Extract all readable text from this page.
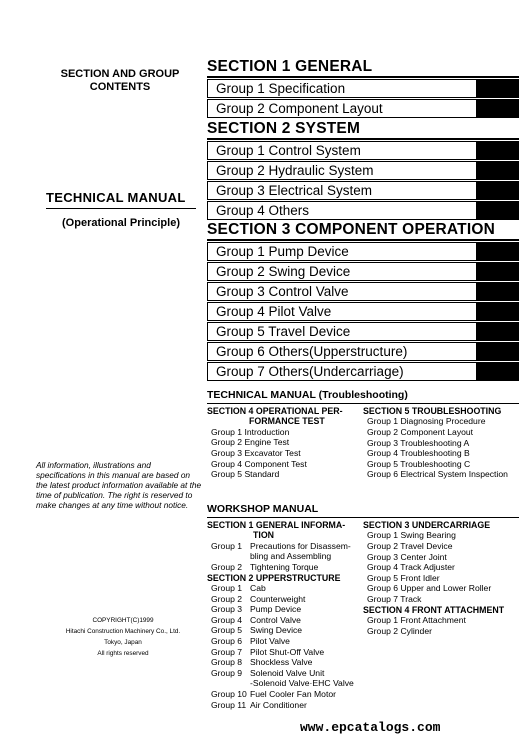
SECTION AND GROUP
CONTENTS
TECHNICAL MANUAL
(Operational Principle)
All information, illustrations and specifications in this manual are based on the latest product information available at the time of publication. The right is reserved to make changes at any time without notice.
COPYRIGHT(C)1999
Hitachi Construction Machinery Co., Ltd.
Tokyo, Japan
All rights reserved
SECTION 1 GENERAL
Group 1 Specification
Group 2 Component Layout
SECTION 2 SYSTEM
Group 1 Control System
Group 2 Hydraulic System
Group 3 Electrical System
Group 4 Others
SECTION 3 COMPONENT OPERATION
Group 1 Pump Device
Group 2 Swing Device
Group 3 Control Valve
Group 4 Pilot Valve
Group 5 Travel Device
Group 6 Others(Upperstructure)
Group 7 Others(Undercarriage)
TECHNICAL MANUAL (Troubleshooting)
SECTION 4 OPERATIONAL PER-
FORMANCE TEST
Group 1 Introduction
Group 2 Engine Test
Group 3 Excavator Test
Group 4 Component Test
Group 5 Standard
SECTION 5 TROUBLESHOOTING
Group 1 Diagnosing Procedure
Group 2 Component Layout
Group 3 Troubleshooting A
Group 4 Troubleshooting B
Group 5 Troubleshooting C
Group 6 Electrical System Inspection
WORKSHOP MANUAL
SECTION 1 GENERAL INFORMA-
TION
Group 1 Precautions for Disassem-
bling and Assembling
Group 2 Tightening Torque
SECTION 2 UPPERSTRUCTURE
Group 1 Cab
Group 2 Counterweight
Group 3 Pump Device
Group 4 Control Valve
Group 5 Swing Device
Group 6 Pilot Valve
Group 7 Pilot Shut-Off Valve
Group 8 Shockless Valve
Group 9 Solenoid Valve Unit
-Solenoid Valve·EHC Valve
Group 10 Fuel Cooler Fan Motor
Group 11 Air Conditioner
SECTION 3 UNDERCARRIAGE
Group 1 Swing Bearing
Group 2 Travel Device
Group 3 Center Joint
Group 4 Track Adjuster
Group 5 Front Idler
Group 6 Upper and Lower Roller
Group 7 Track
SECTION 4 FRONT ATTACHMENT
Group 1 Front Attachment
Group 2 Cylinder
www.epcatalogs.com
